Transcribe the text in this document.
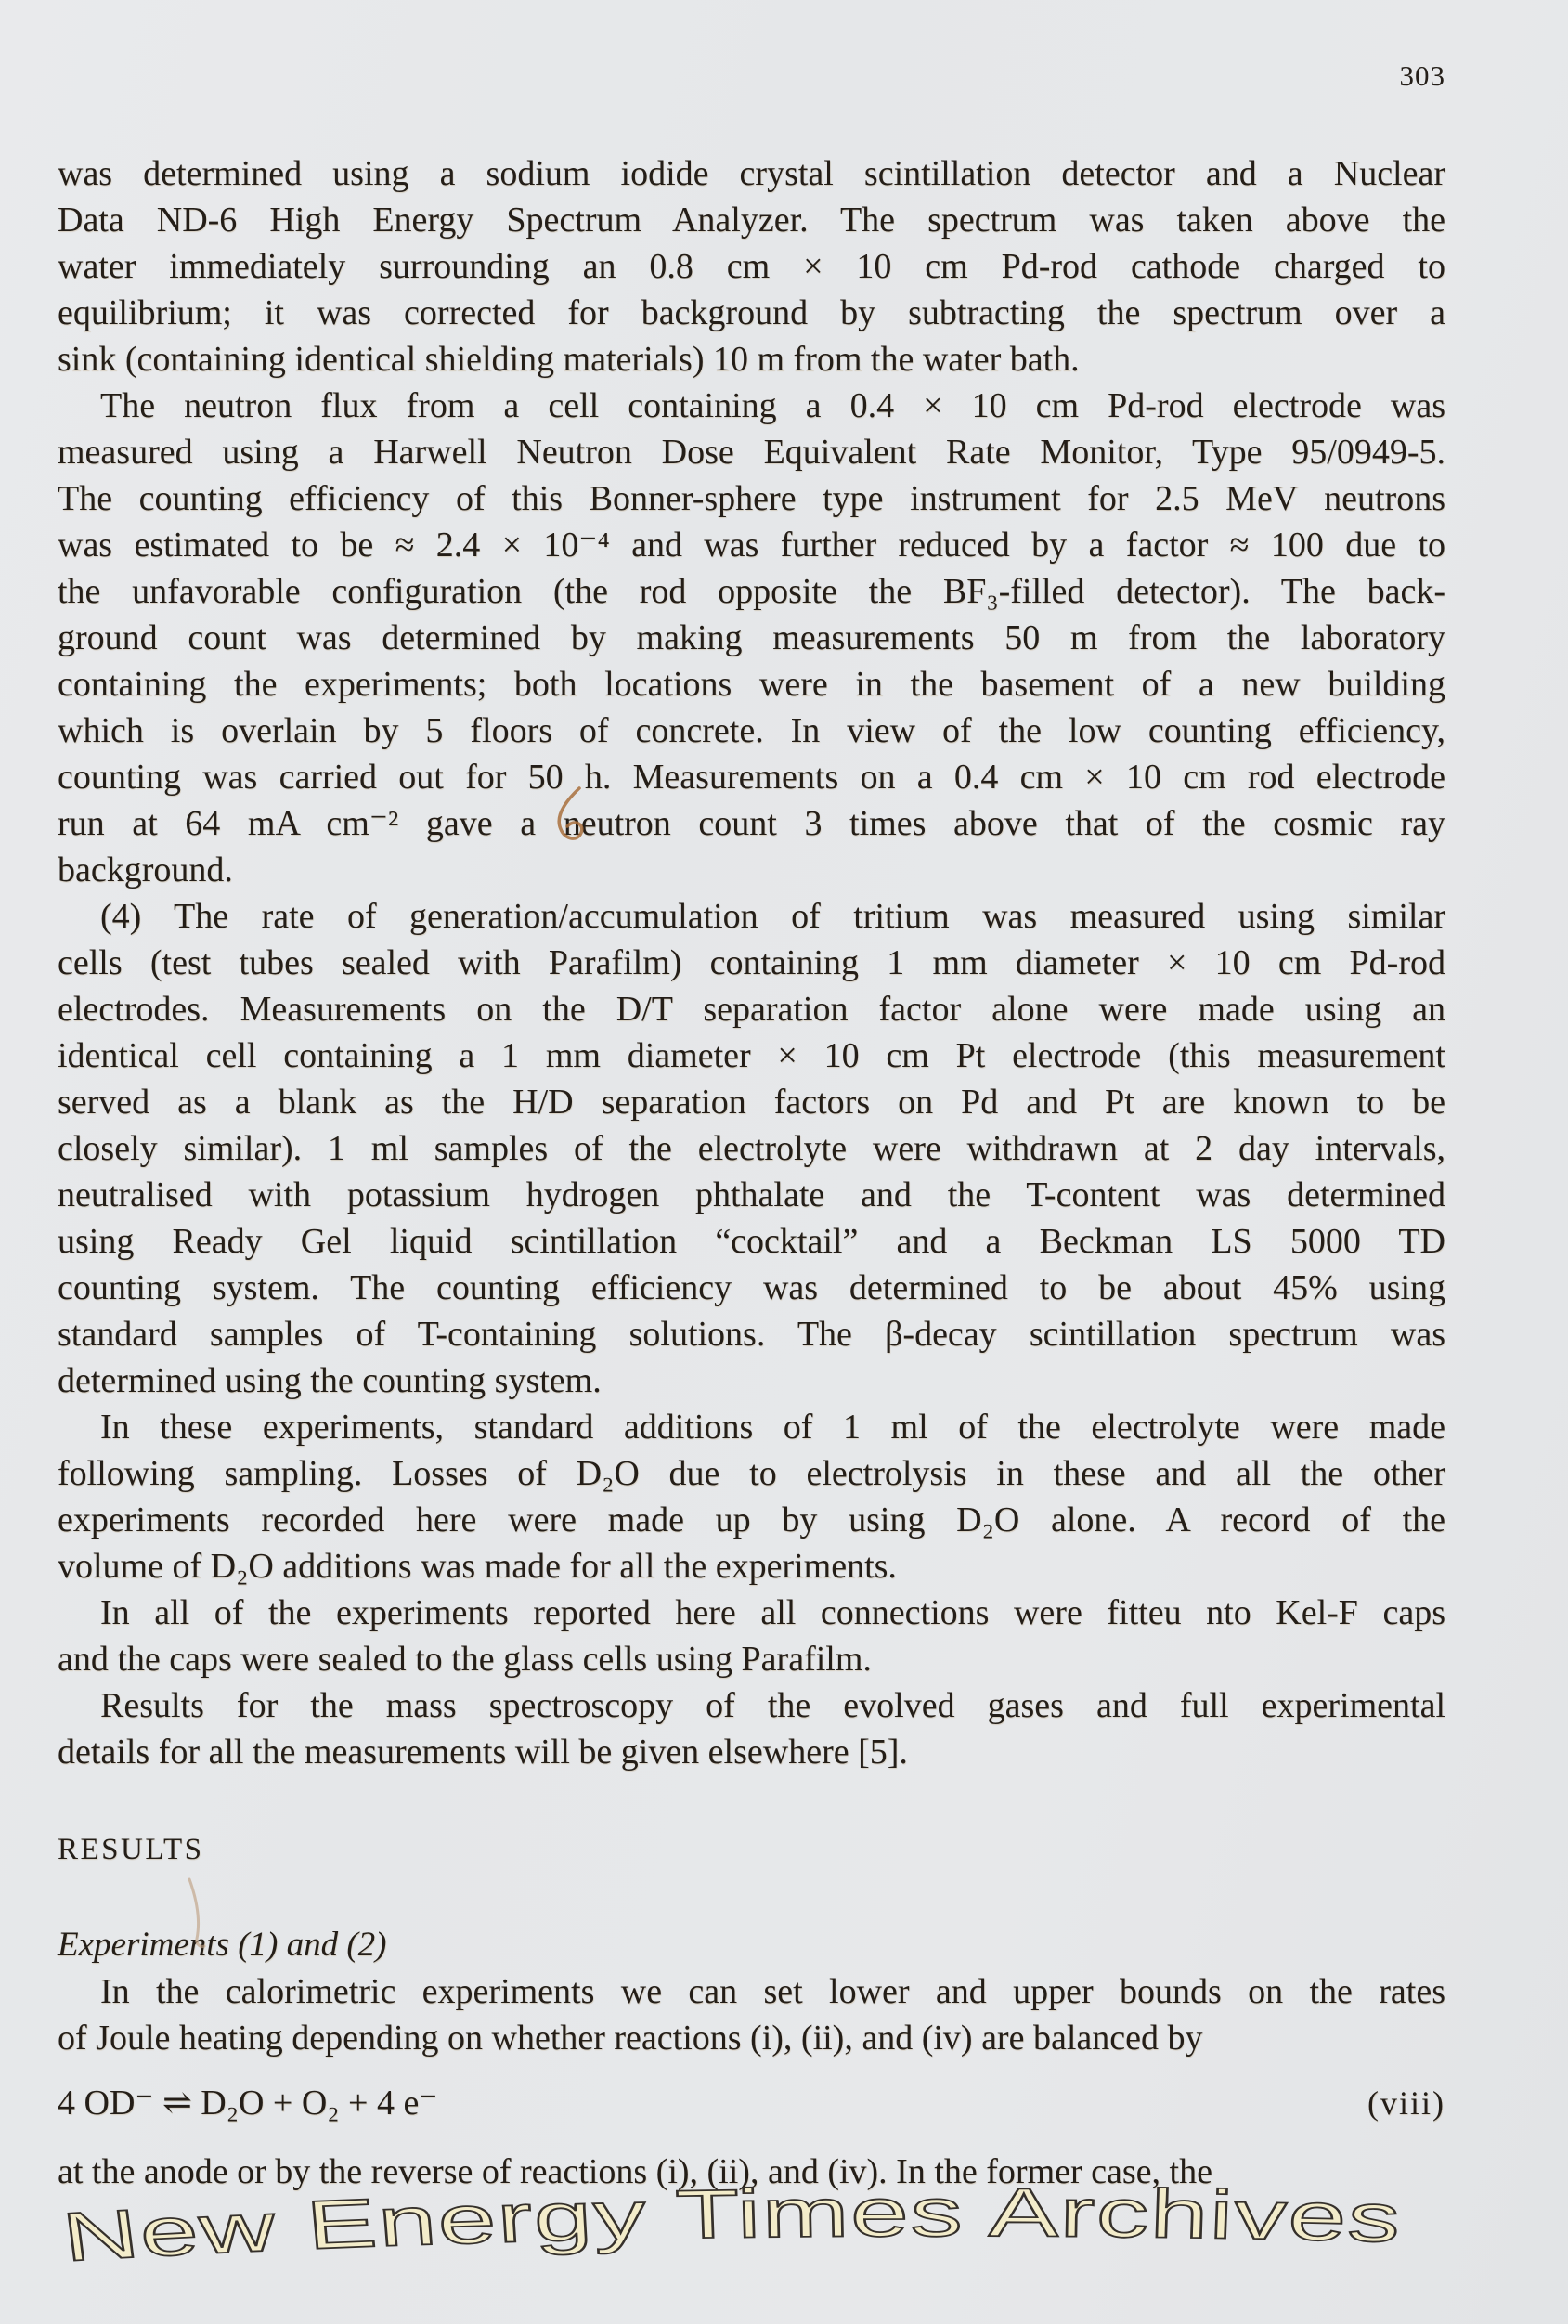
303
was determined using a sodium iodide crystal scintillation detector and a Nuclear
Data ND-6 High Energy Spectrum Analyzer. The spectrum was taken above the
water immediately surrounding an 0.8 cm × 10 cm Pd-rod cathode charged to
equilibrium; it was corrected for background by subtracting the spectrum over a
sink (containing identical shielding materials) 10 m from the water bath.
The neutron flux from a cell containing a 0.4 × 10 cm Pd-rod electrode was
measured using a Harwell Neutron Dose Equivalent Rate Monitor, Type 95/0949-5.
The counting efficiency of this Bonner-sphere type instrument for 2.5 MeV neutrons
was estimated to be ≈ 2.4 × 10⁻⁴ and was further reduced by a factor ≈ 100 due to
the unfavorable configuration (the rod opposite the BF₃-filled detector). The back-
ground count was determined by making measurements 50 m from the laboratory
containing the experiments; both locations were in the basement of a new building
which is overlain by 5 floors of concrete. In view of the low counting efficiency,
counting was carried out for 50 h. Measurements on a 0.4 cm × 10 cm rod electrode
run at 64 mA cm⁻² gave a neutron count 3 times above that of the cosmic ray
background.
(4) The rate of generation/accumulation of tritium was measured using similar
cells (test tubes sealed with Parafilm) containing 1 mm diameter × 10 cm Pd-rod
electrodes. Measurements on the D/T separation factor alone were made using an
identical cell containing a 1 mm diameter × 10 cm Pt electrode (this measurement
served as a blank as the H/D separation factors on Pd and Pt are known to be
closely similar). 1 ml samples of the electrolyte were withdrawn at 2 day intervals,
neutralised with potassium hydrogen phthalate and the T-content was determined
using Ready Gel liquid scintillation “cocktail” and a Beckman LS 5000 TD
counting system. The counting efficiency was determined to be about 45% using
standard samples of T-containing solutions. The β-decay scintillation spectrum was
determined using the counting system.
In these experiments, standard additions of 1 ml of the electrolyte were made
following sampling. Losses of D₂O due to electrolysis in these and all the other
experiments recorded here were made up by using D₂O alone. A record of the
volume of D₂O additions was made for all the experiments.
In all of the experiments reported here all connections were fitteu nto Kel-F caps
and the caps were sealed to the glass cells using Parafilm.
Results for the mass spectroscopy of the evolved gases and full experimental
details for all the measurements will be given elsewhere [5].
RESULTS
Experiments (1) and (2)
In the calorimetric experiments we can set lower and upper bounds on the rates
of Joule heating depending on whether reactions (i), (ii), and (iv) are balanced by
4 OD⁻ ⇌ D₂O + O₂ + 4 e⁻	(viii)
at the anode or by the reverse of reactions (i), (ii), and (iv). In the former case, the
New Energy Times Archives
